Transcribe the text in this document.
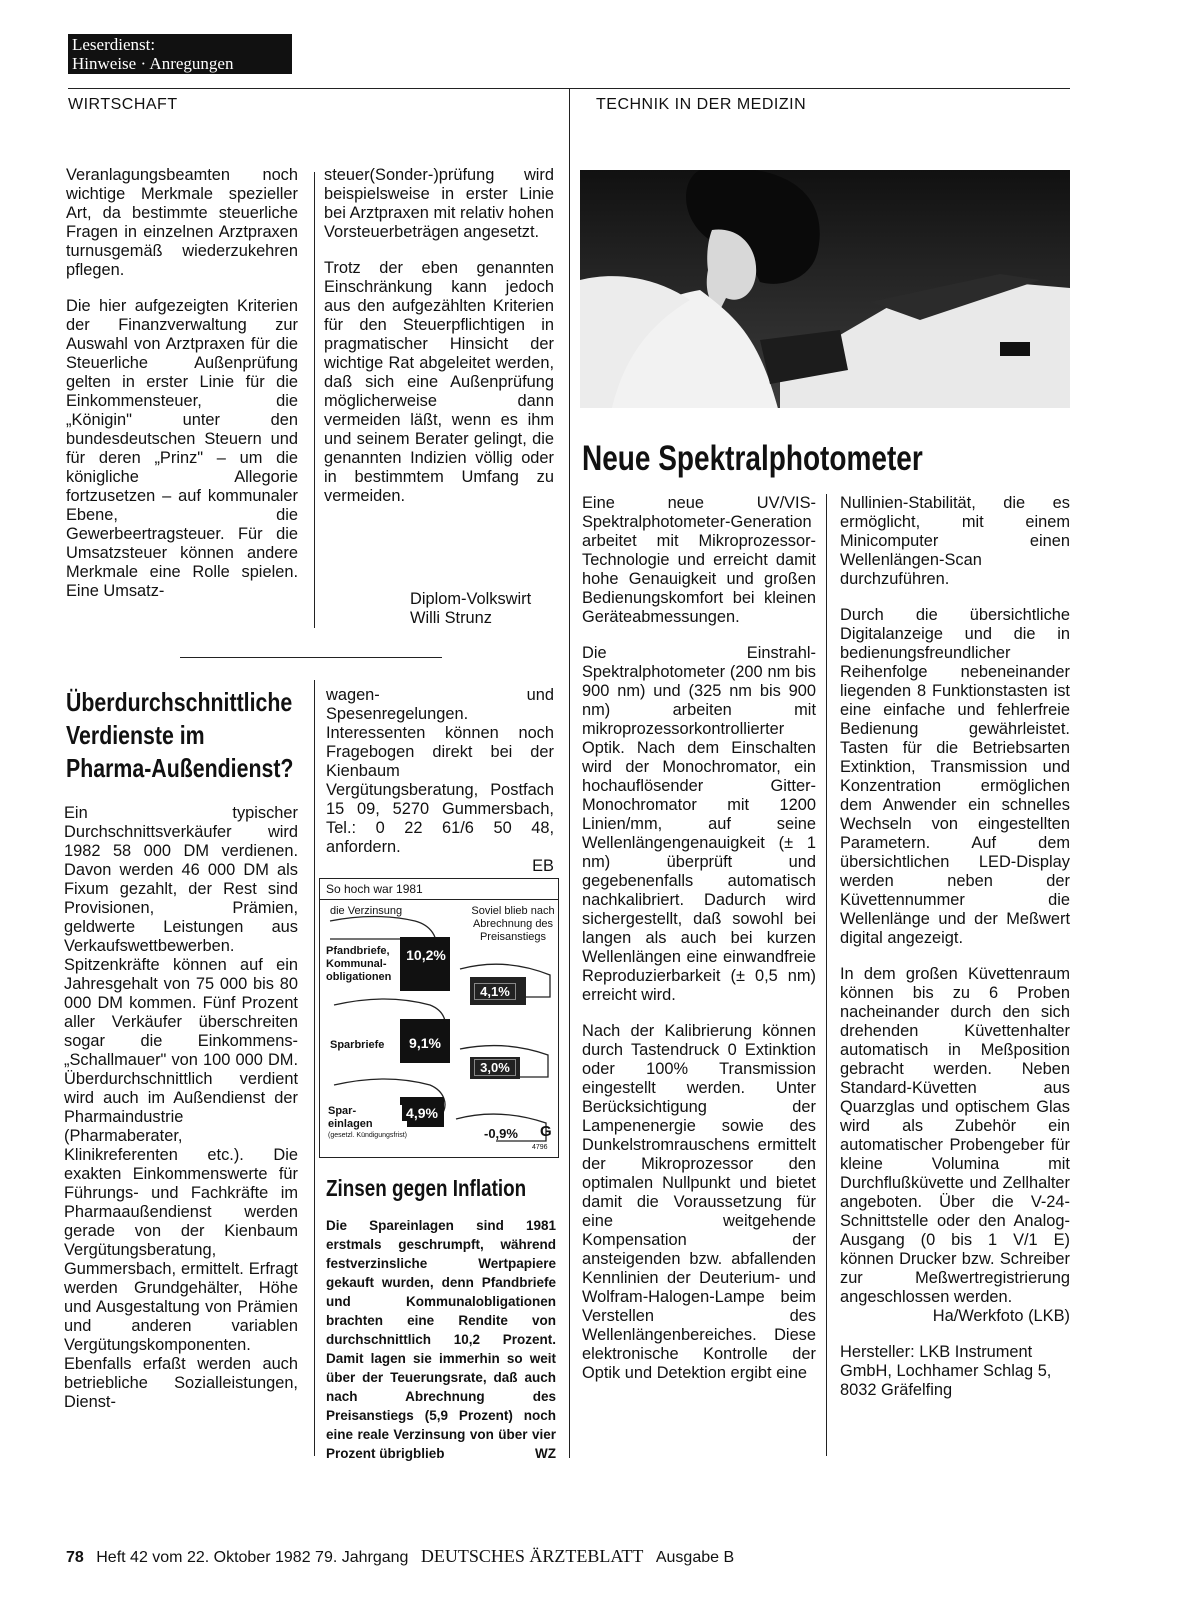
Leserdienst:
Hinweise · Anregungen
WIRTSCHAFT	TECHNIK IN DER MEDIZIN

Veranlagungsbeamten noch wichtige Merkmale spezieller Art, da bestimmte steuerliche Fragen in einzelnen Arztpraxen turnusgemäß wiederzukehren pflegen.

Die hier aufgezeigten Kriterien der Finanzverwaltung zur Auswahl von Arztpraxen für die Steuerliche Außenprüfung gelten in erster Linie für die Einkommensteuer, die „Königin" unter den bundesdeutschen Steuern und für deren „Prinz" – um die königliche Allegorie fortzusetzen – auf kommunaler Ebene, die Gewerbeertragsteuer. Für die Umsatzsteuer können andere Merkmale eine Rolle spielen. Eine Umsatz-

steuer(Sonder-)prüfung wird beispielsweise in erster Linie bei Arztpraxen mit relativ hohen Vorsteuerbeträgen angesetzt.

Trotz der eben genannten Einschränkung kann jedoch aus den aufgezählten Kriterien für den Steuerpflichtigen in pragmatischer Hinsicht der wichtige Rat abgeleitet werden, daß sich eine Außenprüfung möglicherweise dann vermeiden läßt, wenn es ihm und seinem Berater gelingt, die genannten Indizien völlig oder in bestimmtem Umfang zu vermeiden.

Diplom-Volkswirt
Willi Strunz
Überdurchschnittliche
Verdienste im
Pharma-Außendienst?

Ein typischer Durchschnittsverkäufer wird 1982 58 000 DM verdienen. Davon werden 46 000 DM als Fixum gezahlt, der Rest sind Provisionen, Prämien, geldwerte Leistungen aus Verkaufswettbewerben. Spitzenkräfte können auf ein Jahresgehalt von 75 000 bis 80 000 DM kommen. Fünf Prozent aller Verkäufer überschreiten sogar die Einkommens-„Schallmauer" von 100 000 DM. Überdurchschnittlich verdient wird auch im Außendienst der Pharmaindustrie (Pharmaberater, Klinikreferenten etc.). Die exakten Einkommenswerte für Führungs- und Fachkräfte im Pharmaaußendienst werden gerade von der Kienbaum Vergütungsberatung, Gummersbach, ermittelt. Erfragt werden Grundgehälter, Höhe und Ausgestaltung von Prämien und anderen variablen Vergütungskomponenten. Ebenfalls erfaßt werden auch betriebliche Sozialleistungen, Dienst-

wagen- und Spesenregelungen. Interessenten können noch Fragebogen direkt bei der Kienbaum Vergütungsberatung, Postfach 15 09, 5270 Gummersbach, Tel.: 0 22 61/6 50 48, anfordern.

EB
So hoch war 1981
die Verzinsung	Soviel blieb nach
Abrechnung des
Preisanstiegs
Pfandbriefe,
Kommunal-
obligationen
10,2%
4,1%
Sparbriefe	9,1%
3,0%
Spar-
einlagen
(gesetzl. Kündigungsfrist)
4,9%
-0,9% G
4796
Zinsen gegen Inflation

Die Spareinlagen sind 1981 erstmals geschrumpft, während festverzinsliche Wertpapiere gekauft wurden, denn Pfandbriefe und Kommunalobligationen brachten eine Rendite von durchschnittlich 10,2 Prozent. Damit lagen sie immerhin so weit über der Teuerungsrate, daß auch nach Abrechnung des Preisanstiegs (5,9 Prozent) noch eine reale Verzinsung von über vier Prozent übrigblieb	WZ

Neue Spektralphotometer

Eine neue UV/VIS-Spektralphotometer-Generation arbeitet mit Mikroprozessor-Technologie und erreicht damit hohe Genauigkeit und großen Bedienungskomfort bei kleinen Geräteabmessungen.

Die Einstrahl-Spektralphotometer (200 nm bis 900 nm) und (325 nm bis 900 nm) arbeiten mit mikroprozessorkontrollierter Optik. Nach dem Einschalten wird der Monochromator, ein hochauflösender Gitter-Monochromator mit 1200 Linien/mm, auf seine Wellenlängengenauigkeit (± 1 nm) überprüft und gegebenenfalls automatisch nachkalibriert. Dadurch wird sichergestellt, daß sowohl bei langen als auch bei kurzen Wellenlängen eine einwandfreie Reproduzierbarkeit (± 0,5 nm) erreicht wird.

Nach der Kalibrierung können durch Tastendruck 0 Extinktion oder 100% Transmission eingestellt werden. Unter Berücksichtigung der Lampenenergie sowie des Dunkelstromrauschens ermittelt der Mikroprozessor den optimalen Nullpunkt und bietet damit die Voraussetzung für eine weitgehende Kompensation der ansteigenden bzw. abfallenden Kennlinien der Deuterium- und Wolfram-Halogen-Lampe beim Verstellen des Wellenlängenbereiches. Diese elektronische Kontrolle der Optik und Detektion ergibt eine

Nullinien-Stabilität, die es ermöglicht, mit einem Minicomputer einen Wellenlängen-Scan durchzuführen.

Durch die übersichtliche Digitalanzeige und die in bedienungsfreundlicher Reihenfolge nebeneinander liegenden 8 Funktionstasten ist eine einfache und fehlerfreie Bedienung gewährleistet. Tasten für die Betriebsarten Extinktion, Transmission und Konzentration ermöglichen dem Anwender ein schnelles Wechseln von eingestellten Parametern. Auf dem übersichtlichen LED-Display werden neben der Küvettennummer die Wellenlänge und der Meßwert digital angezeigt.

In dem großen Küvettenraum können bis zu 6 Proben nacheinander durch den sich drehenden Küvettenhalter automatisch in Meßposition gebracht werden. Neben Standard-Küvetten aus Quarzglas und optischem Glas wird als Zubehör ein automatischer Probengeber für kleine Volumina mit Durchflußküvette und Zellhalter angeboten. Über die V-24-Schnittstelle oder den Analog-Ausgang (0 bis 1 V/1 E) können Drucker bzw. Schreiber zur Meßwertregistrierung angeschlossen werden.

Ha/Werkfoto (LKB)

Hersteller: LKB Instrument GmbH, Lochhamer Schlag 5, 8032 Gräfelfing

78 Heft 42 vom 22. Oktober 1982 79. Jahrgang DEUTSCHES ÄRZTEBLATT Ausgabe B
